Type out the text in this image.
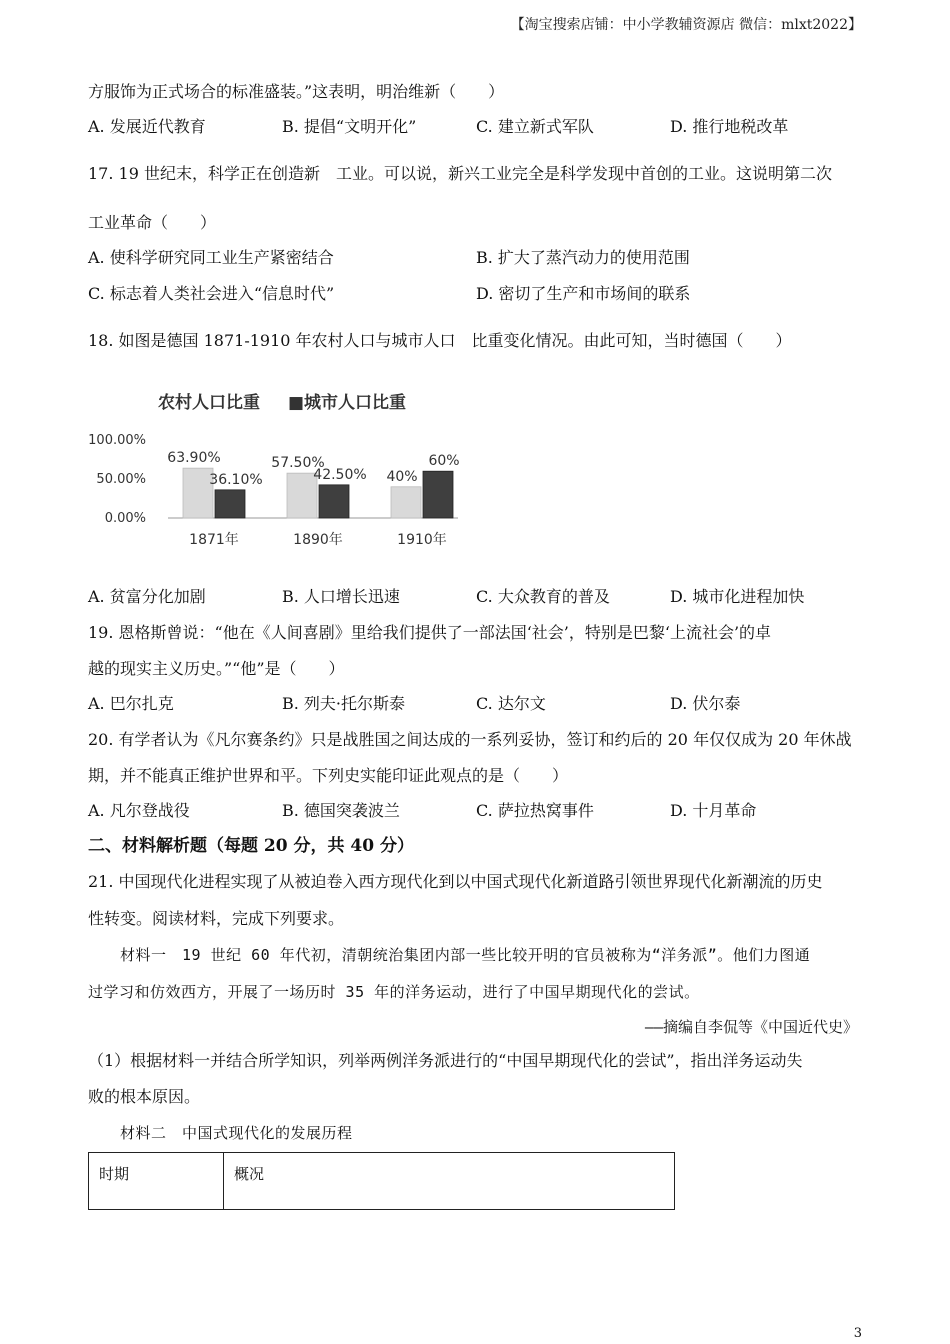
【淘宝搜索店铺：中小学教辅资源店 微信：mlxt2022】
方服饰为正式场合的标准盛装。”这表明，明治维新（　　）
A. 发展近代教育	B. 提倡“文明开化”	C. 建立新式军队	D. 推行地税改革
17. 19 世纪末，科学正在创造新　工业。可以说，新兴工业完全是科学发现中首创的工业。这说明第二次
工业革命（　　）
A. 使科学研究同工业生产紧密结合	B. 扩大了蒸汽动力的使用范围
C. 标志着人类社会进入“信息时代”	D. 密切了生产和市场间的联系
18. 如图是德国 1871-1910 年农村人口与城市人口　比重变化情况。由此可知，当时德国（　　）
农村人口比重 ■城市人口比重
100.00%
50.00%
0.00%
63.90%
36.10%
57.50%
42.50% 40%
60%
1871年	1890年	1910年
A. 贫富分化加剧	B. 人口增长迅速	C. 大众教育的普及	D. 城市化进程加快
19. 恩格斯曾说：“他在《人间喜剧》里给我们提供了一部法国‘社会’，特别是巴黎‘上流社会’的卓
越的现实主义历史。”“他”是（　　）
A. 巴尔扎克	B. 列夫·托尔斯泰	C. 达尔文	D. 伏尔泰
20. 有学者认为《凡尔赛条约》只是战胜国之间达成的一系列妥协，签订和约后的 20 年仅仅成为 20 年休战
期，并不能真正维护世界和平。下列史实能印证此观点的是（　　）
A. 凡尔登战役	B. 德国突袭波兰	C. 萨拉热窝事件	D. 十月革命
二、材料解析题（每题 20 分，共 40 分）
21. 中国现代化进程实现了从被迫卷入西方现代化到以中国式现代化新道路引领世界现代化新潮流的历史
性转变。阅读材料，完成下列要求。
材料一　19 世纪 60 年代初，清朝统治集团内部一些比较开明的官员被称为“洋务派”。他们力图通
过学习和仿效西方，开展了一场历时 35 年的洋务运动，进行了中国早期现代化的尝试。
——摘编自李侃等《中国近代史》
（1）根据材料一并结合所学知识，列举两例洋务派进行的“中国早期现代化的尝试”，指出洋务运动失
败的根本原因。
材料二　中国式现代化的发展历程
时期	概况
3
